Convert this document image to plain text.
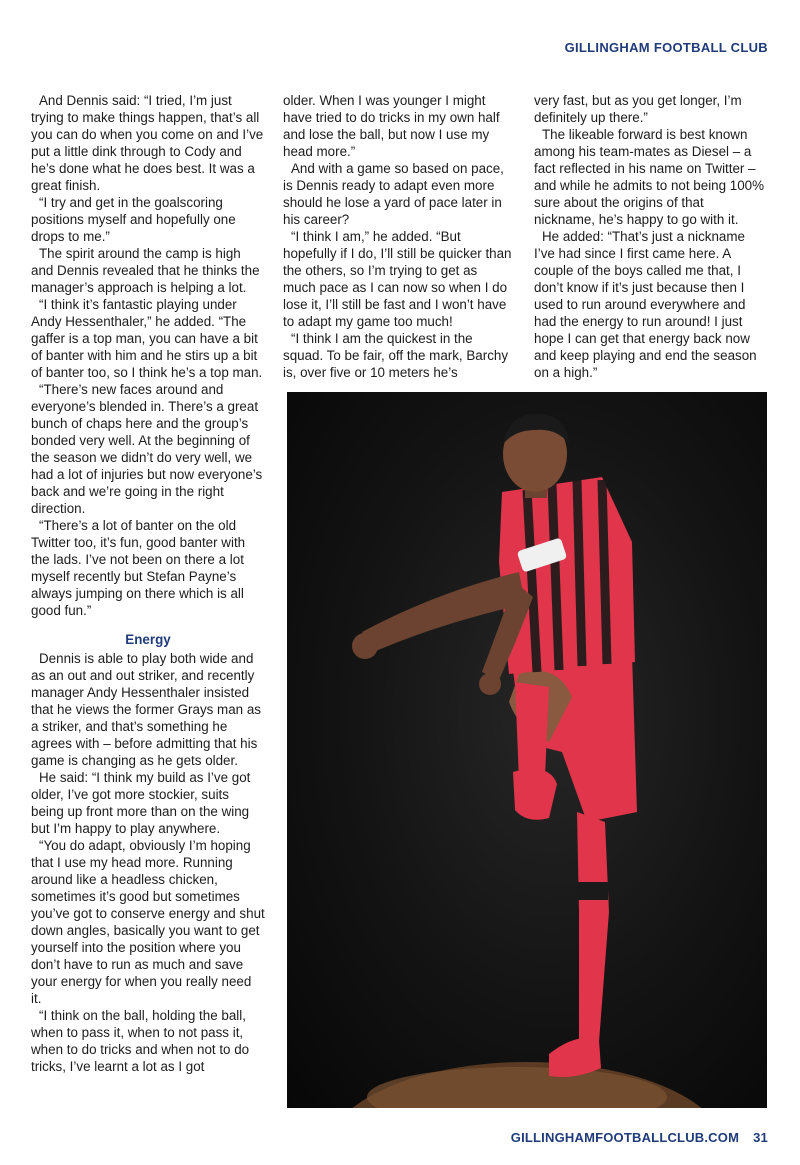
GILLINGHAM FOOTBALL CLUB

And Dennis said: “I tried, I’m just trying to make things happen, that’s all you can do when you come on and I’ve put a little dink through to Cody and he’s done what he does best. It was a great finish.

“I try and get in the goalscoring positions myself and hopefully one drops to me.”

The spirit around the camp is high and Dennis revealed that he thinks the manager’s approach is helping a lot.

“I think it’s fantastic playing under Andy Hessenthaler,” he added. “The gaffer is a top man, you can have a bit of banter with him and he stirs up a bit of banter too, so I think he’s a top man.

“There’s new faces around and everyone’s blended in. There’s a great bunch of chaps here and the group’s bonded very well. At the beginning of the season we didn’t do very well, we had a lot of injuries but now everyone’s back and we’re going in the right direction.

“There’s a lot of banter on the old Twitter too, it’s fun, good banter with the lads. I’ve not been on there a lot myself recently but Stefan Payne’s always jumping on there which is all good fun.”

Energy

Dennis is able to play both wide and as an out and out striker, and recently manager Andy Hessenthaler insisted that he views the former Grays man as a striker, and that’s something he agrees with – before admitting that his game is changing as he gets older.

He said: “I think my build as I’ve got older, I’ve got more stockier, suits being up front more than on the wing but I’m happy to play anywhere.

“You do adapt, obviously I’m hoping that I use my head more. Running around like a headless chicken, sometimes it’s good but sometimes you’ve got to conserve energy and shut down angles, basically you want to get yourself into the position where you don’t have to run as much and save your energy for when you really need it.

“I think on the ball, holding the ball, when to pass it, when to not pass it, when to do tricks and when not to do tricks, I’ve learnt a lot as I got

older. When I was younger I might have tried to do tricks in my own half and lose the ball, but now I use my head more.”

And with a game so based on pace, is Dennis ready to adapt even more should he lose a yard of pace later in his career?

“I think I am,” he added. “But hopefully if I do, I’ll still be quicker than the others, so I’m trying to get as much pace as I can now so when I do lose it, I’ll still be fast and I won’t have to adapt my game too much!

“I think I am the quickest in the squad. To be fair, off the mark, Barchy is, over five or 10 meters he’s

very fast, but as you get longer, I’m definitely up there.”

The likeable forward is best known among his team-mates as Diesel – a fact reflected in his name on Twitter – and while he admits to not being 100% sure about the origins of that nickname, he’s happy to go with it.

He added: “That’s just a nickname I’ve had since I first came here. A couple of the boys called me that, I don’t know if it’s just because then I used to run around everywhere and had the energy to run around! I just hope I can get that energy back now and keep playing and end the season on a high.”

GILLINGHAMFOOTBALLCLUB.COM 31
